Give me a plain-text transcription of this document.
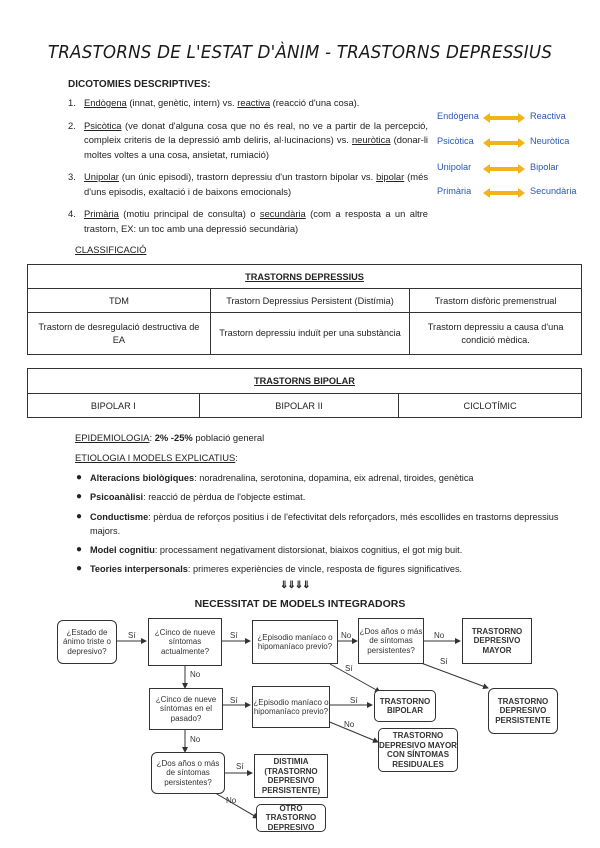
TRASTORNS DE L'ESTAT D'ÀNIM - TRASTORNS DEPRESSIUS
DICOTOMIES DESCRIPTIVES:
1. Endògena (innat, genètic, intern) vs. reactiva (reacció d'una cosa).
2. Psicòtica (ve donat d'alguna cosa que no és real, no ve a partir de la percepció, compleix criteris de la depressió amb deliris, al·lucinacions) vs. neuròtica (donar-li moltes voltes a una cosa, ansietat, rumiació)
3. Unipolar (un únic episodi), trastorn depressiu d'un trastorn bipolar vs. bipolar (més d'uns episodis, exaltació i de baixons emocionals)
4. Primària (motiu principal de consulta) o secundària (com a resposta a un altre trastorn, EX: un toc amb una depressió secundària)
Endògena	Reactiva
Psicòtica	Neuròtica
Unipolar	Bipolar
Primària	Secundària
CLASSIFICACIÓ
TRASTORNS DEPRESSIUS		
TDM	Trastorn Depressius Persistent (Distímia)	Trastorn disfòric premenstrual
Trastorn de desregulació destructiva de EA	Trastorn depressiu induït per una substància	Trastorn depressiu a causa d'una condició mèdica.
TRASTORNS BIPOLAR
BIPOLAR I	BIPOLAR II	CICLOTÍMIC
EPIDEMIOLOGIA: 2% -25% població general
ETIOLOGIA I MODELS EXPLICATIUS:
● Alteracions biològiques: noradrenalina, serotonina, dopamina, eix adrenal, tiroides, genètica
● Psicoanàlisi: reacció de pèrdua de l'objecte estimat.
● Conductisme: pèrdua de reforços positius i de l'efectivitat dels reforçadors, més escollides en trastorns depressius majors.
● Model cognitiu: processament negativament distorsionat, biaixos cognitius, el got mig buit.
● Teories interpersonals: primeres experiències de vincle, resposta de figures significatives.
⇓⇓⇓⇓
NECESSITAT DE MODELS INTEGRADORS
¿Estado de ánimo triste o depresivo?
¿Cinco de nueve síntomas actualmente?
¿Episodio maníaco o hipomaníaco previo?
¿Dos años o más de síntomas persistentes?
TRASTORNO DEPRESIVO MAYOR
TRASTORNO DEPRESIVO PERSISTENTE
¿Cinco de nueve síntomas en el pasado?
¿Episodio maníaco o hipomaníaco previo?
TRASTORNO BIPOLAR
TRASTORNO DEPRESIVO MAYOR CON SÍNTOMAS RESIDUALES
¿Dos años o más de síntomas persistentes?
DISTIMIA (TRASTORNO DEPRESIVO PERSISTENTE)
OTRO TRASTORNO DEPRESIVO
Sí	Sí	No	No
No
Sí
Sí
Sí	Sí
No
No
Sí
No
